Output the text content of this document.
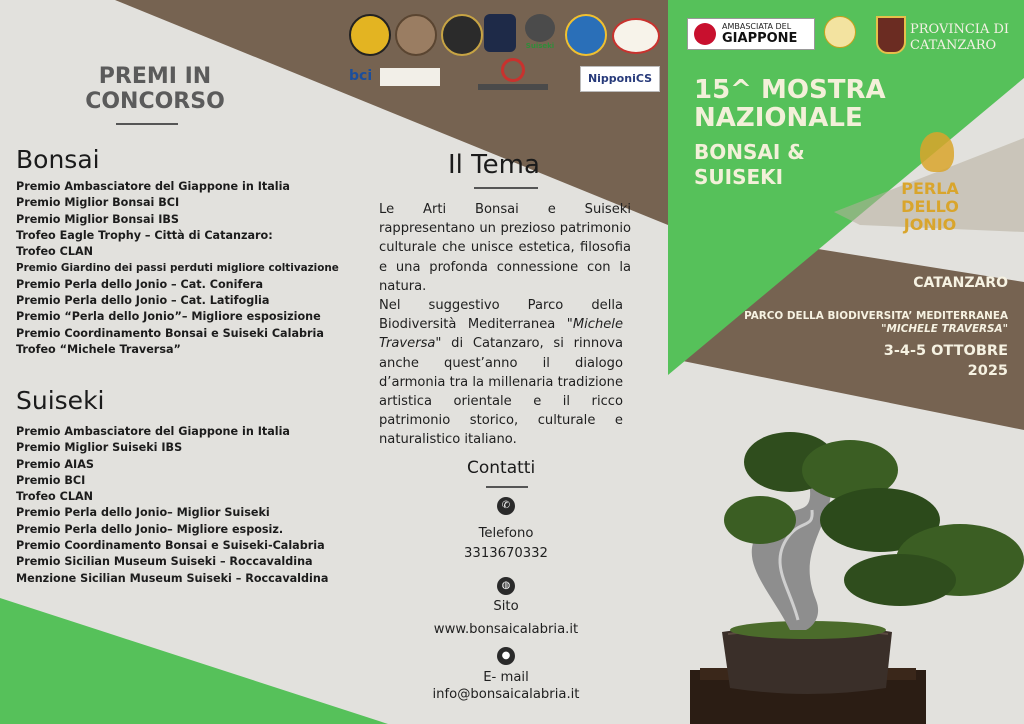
PREMI IN
CONCORSO
Bonsai
Premio Ambasciatore del Giappone in Italia
Premio Miglior Bonsai BCI
Premio Miglior Bonsai IBS
Trofeo Eagle Trophy – Città di Catanzaro:
Trofeo CLAN
Premio Giardino dei passi perduti migliore coltivazione
Premio Perla dello Jonio – Cat. Conifera
Premio Perla dello Jonio – Cat. Latifoglia
Premio “Perla dello Jonio”– Migliore esposizione
Premio Coordinamento Bonsai e Suiseki Calabria
Trofeo “Michele Traversa”
Suiseki
Premio Ambasciatore del Giappone in Italia
Premio Miglior Suiseki IBS
Premio AIAS
Premio BCI
Trofeo CLAN
Premio Perla dello Jonio– Miglior Suiseki
Premio Perla dello Jonio– Migliore esposiz.
Premio Coordinamento Bonsai e Suiseki-Calabria
Premio Sicilian Museum Suiseki – Roccavaldina
Menzione Sicilian Museum Suiseki – Roccavaldina
Il Tema
Le Arti Bonsai e Suiseki rappresentano un prezioso patrimonio culturale che unisce estetica, filosofia e una profonda connessione con la natura.
Nel suggestivo Parco della Biodiversità Mediterranea "Michele Traversa" di Catanzaro, si rinnova anche quest’anno il dialogo d’armonia tra la millenaria tradizione artistica orientale e il ricco patrimonio storico, culturale e naturalistico italiano.
Contatti
✆
Telefono
3313670332
◍
Sito
www.bonsaicalabria.it
●
E- mail
info@bonsaicalabria.it
Suiseki
bci	NipponiCS
AMBASCIATA DEL
GIAPPONE
PROVINCIA DI
CATANZARO
15^ MOSTRA
NAZIONALE
BONSAI &
SUISEKI	PERLA DELLO
JONIO
CATANZARO
PARCO DELLA BIODIVERSITA’ MEDITERRANEA
"MICHELE TRAVERSA"
3-4-5 OTTOBRE
2025
